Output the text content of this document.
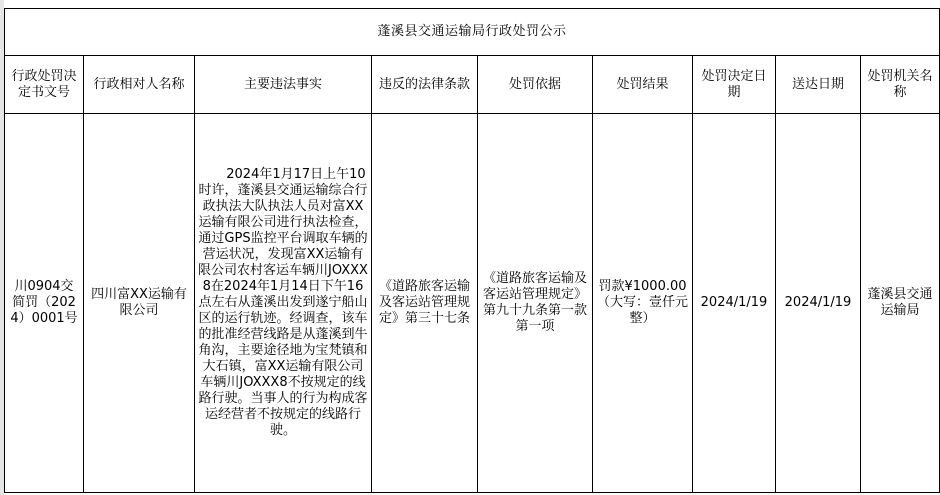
蓬溪县交通运输局行政处罚公示								
行政处罚决定书文号	行政相对人名称	主要违法事实	违反的法律条款	处罚依据	处罚结果	处罚决定日期	送达日期	处罚机关名称
川0904交简罚（2024）0001号	四川富XX运输有限公司	　　2024年1月17日上午10时许，蓬溪县交通运输综合行政执法大队执法人员对富XX运输有限公司进行执法检查，通过GPS监控平台调取车辆的营运状况，发现富XX运输有限公司农村客运车辆川JOXXX8在2024年1月14日下午16点左右从蓬溪出发到遂宁船山区的运行轨迹。经调查，该车的批准经营线路是从蓬溪到牛角沟，主要途径地为宝梵镇和大石镇，富XX运输有限公司车辆川JOXXX8不按规定的线路行驶。当事人的行为构成客运经营者不按规定的线路行驶。	《道路旅客运输及客运站管理规定》第三十七条	《道路旅客运输及客运站管理规定》第九十九条第一款第一项	罚款¥1000.00（大写：壹仟元整）	2024/1/19	2024/1/19	蓬溪县交通运输局
